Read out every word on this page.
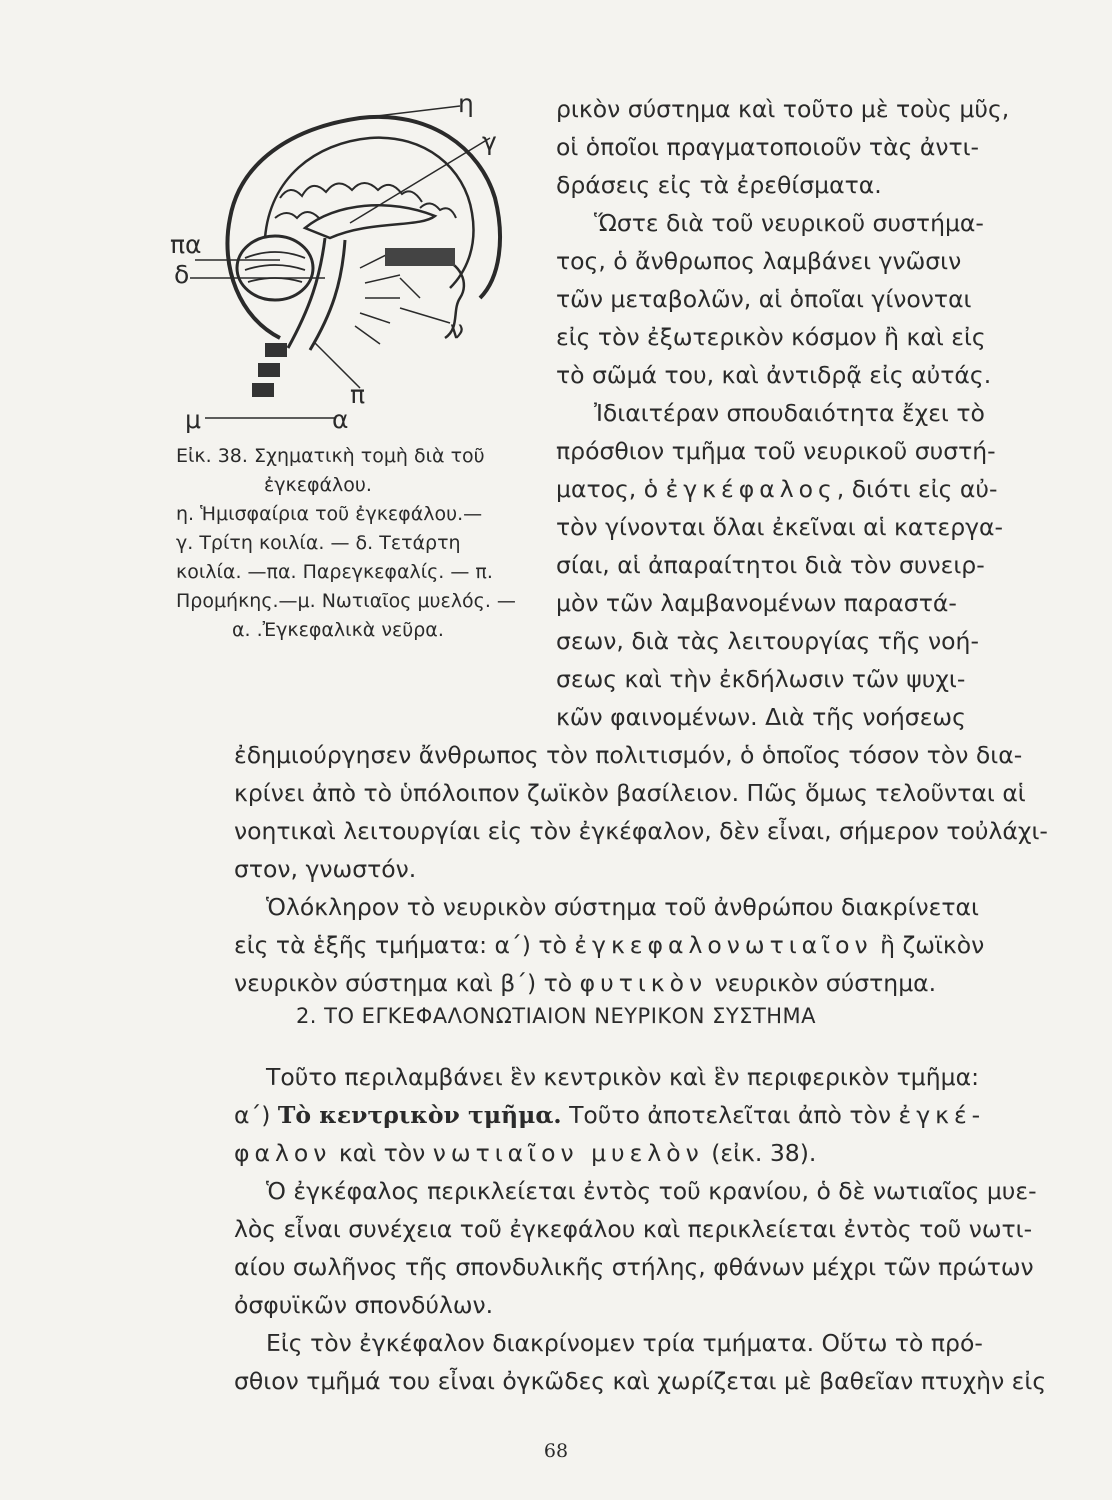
η
γ
πα
δ
ν
π
μ	α
Εἰκ. 38. Σχηματικὴ τομὴ διὰ τοῦ
ἐγκεφάλου.
η. Ἡμισφαίρια τοῦ ἐγκεφάλου.—
γ. Τρίτη κοιλία. — δ. Τετάρτη
κοιλία. —πα. Παρεγκεφαλίς. — π.
Προμήκης.—μ. Νωτιαῖος μυελός. —
α. .Ἐγκεφαλικὰ νεῦρα.
ρικὸν σύστημα καὶ τοῦτο μὲ τοὺς μῦς,
οἱ ὁποῖοι πραγματοποιοῦν τὰς ἀντι-
δράσεις εἰς τὰ ἐρεθίσματα.
Ὥστε διὰ τοῦ νευρικοῦ συστήμα-
τος, ὁ ἄνθρωπος λαμβάνει γνῶσιν
τῶν μεταβολῶν, αἱ ὁποῖαι γίνονται
εἰς τὸν ἐξωτερικὸν κόσμον ἢ καὶ εἰς
τὸ σῶμά του, καὶ ἀντιδρᾷ εἰς αὐτάς.
Ἰδιαιτέραν σπουδαιότητα ἔχει τὸ
πρόσθιον τμῆμα τοῦ νευρικοῦ συστή-
ματος, ὁ ἐγκέφαλος, διότι εἰς αὐ-
τὸν γίνονται ὅλαι ἐκεῖναι αἱ κατεργα-
σίαι, αἱ ἀπαραίτητοι διὰ τὸν συνειρ-
μὸν τῶν λαμβανομένων παραστά-
σεων, διὰ τὰς λειτουργίας τῆς νοή-
σεως καὶ τὴν ἐκδήλωσιν τῶν ψυχι-
κῶν φαινομένων. Διὰ τῆς νοήσεως
ἐδημιούργησεν ἄνθρωπος τὸν πολιτισμόν, ὁ ὁποῖος τόσον τὸν δια-
κρίνει ἀπὸ τὸ ὑπόλοιπον ζωϊκὸν βασίλειον. Πῶς ὅμως τελοῦνται αἱ
νοητικαὶ λειτουργίαι εἰς τὸν ἐγκέφαλον, δὲν εἶναι, σήμερον τοὐλάχι-
στον, γνωστόν.
Ὁλόκληρον τὸ νευρικὸν σύστημα τοῦ ἀνθρώπου διακρίνεται
εἰς τὰ ἑξῆς τμήματα: α΄) τὸ ἐγκεφαλονωτιαῖον ἢ ζωϊκὸν
2. ΤΟ ΕΓΚΕΦΑΛΟΝΩΤΙΑΙΟΝ ΝΕΥΡΙΚΟΝ ΣΥΣΤΗΜΑ
νευρικὸν σύστημα καὶ β΄) τὸ φυτικὸν νευρικὸν σύστημα.
Τοῦτο περιλαμβάνει ἓν κεντρικὸν καὶ ἓν περιφερικὸν τμῆμα:
α΄) Τὸ κεντρικὸν τμῆμα. Τοῦτο ἀποτελεῖται ἀπὸ τὸν ἐγκέ-
φαλον καὶ τὸν νωτιαῖον μυελὸν (εἰκ. 38).
Ὁ ἐγκέφαλος περικλείεται ἐντὸς τοῦ κρανίου, ὁ δὲ νωτιαῖος μυε-
λὸς εἶναι συνέχεια τοῦ ἐγκεφάλου καὶ περικλείεται ἐντὸς τοῦ νωτι-
αίου σωλῆνος τῆς σπονδυλικῆς στήλης, φθάνων μέχρι τῶν πρώτων
ὀσφυϊκῶν σπονδύλων.
Εἰς τὸν ἐγκέφαλον διακρίνομεν τρία τμήματα. Οὕτω τὸ πρό-
σθιον τμῆμά του εἶναι ὀγκῶδες καὶ χωρίζεται μὲ βαθεῖαν πτυχὴν εἰς
68
